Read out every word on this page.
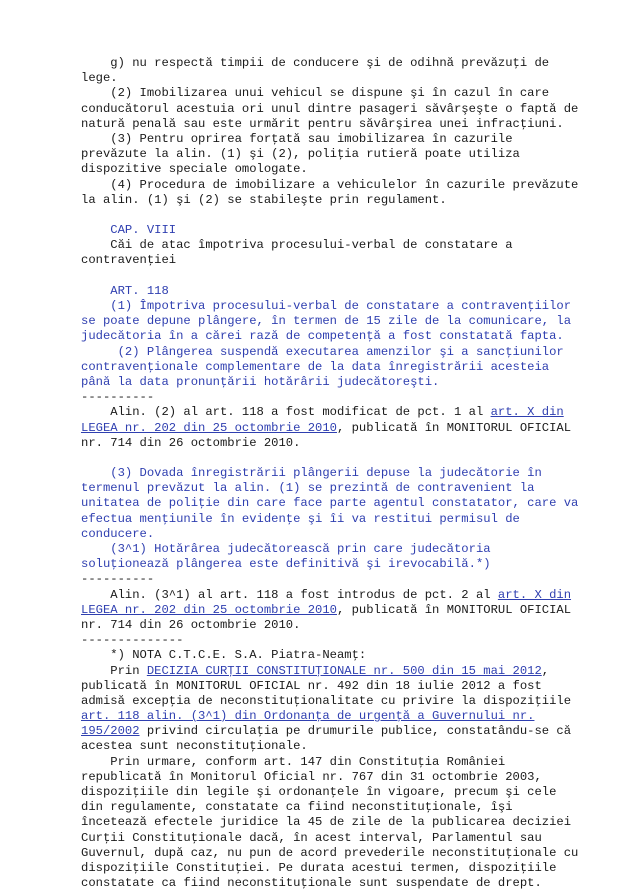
g) nu respectă timpii de conducere şi de odihnă prevăzuţi de
lege.
(2) Imobilizarea unui vehicul se dispune şi în cazul în care
conducătorul acestuia ori unul dintre pasageri săvârşeşte o faptă de
natură penală sau este urmărit pentru săvârşirea unei infracţiuni.
(3) Pentru oprirea forţată sau imobilizarea în cazurile
prevăzute la alin. (1) şi (2), poliţia rutieră poate utiliza
dispozitive speciale omologate.
(4) Procedura de imobilizare a vehiculelor în cazurile prevăzute
la alin. (1) şi (2) se stabileşte prin regulament.
CAP. VIII
Căi de atac împotriva procesului-verbal de constatare a
contravenţiei
ART. 118
(1) Împotriva procesului-verbal de constatare a contravenţiilor
se poate depune plângere, în termen de 15 zile de la comunicare, la
judecătoria în a cărei rază de competenţă a fost constatată fapta.
(2) Plângerea suspendă executarea amenzilor şi a sancţiunilor
contravenţionale complementare de la data înregistrării acesteia
până la data pronunţării hotărârii judecătoreşti.
----------
Alin. (2) al art. 118 a fost modificat de pct. 1 al art. X din
LEGEA nr. 202 din 25 octombrie 2010, publicată în MONITORUL OFICIAL
nr. 714 din 26 octombrie 2010.
(3) Dovada înregistrării plângerii depuse la judecătorie în
termenul prevăzut la alin. (1) se prezintă de contravenient la
unitatea de poliţie din care face parte agentul constatator, care va
efectua menţiunile în evidenţe şi îi va restitui permisul de
conducere.
(3^1) Hotărârea judecătorească prin care judecătoria
soluţionează plângerea este definitivă şi irevocabilă.*)
----------
Alin. (3^1) al art. 118 a fost introdus de pct. 2 al art. X din
LEGEA nr. 202 din 25 octombrie 2010, publicată în MONITORUL OFICIAL
nr. 714 din 26 octombrie 2010.
--------------
*) NOTA C.T.C.E. S.A. Piatra-Neamţ:
Prin DECIZIA CURŢII CONSTITUŢIONALE nr. 500 din 15 mai 2012,
publicată în MONITORUL OFICIAL nr. 492 din 18 iulie 2012 a fost
admisă excepţia de neconstituţionalitate cu privire la dispoziţiile
art. 118 alin. (3^1) din Ordonanţa de urgenţă a Guvernului nr.
195/2002 privind circulaţia pe drumurile publice, constatându-se că
acestea sunt neconstituţionale.
Prin urmare, conform art. 147 din Constituţia României
republicată în Monitorul Oficial nr. 767 din 31 octombrie 2003,
dispoziţiile din legile şi ordonanţele în vigoare, precum şi cele
din regulamente, constatate ca fiind neconstituţionale, îşi
încetează efectele juridice la 45 de zile de la publicarea deciziei
Curţii Constituţionale dacă, în acest interval, Parlamentul sau
Guvernul, după caz, nu pun de acord prevederile neconstituţionale cu
dispoziţiile Constituţiei. Pe durata acestui termen, dispoziţiile
constatate ca fiind neconstituţionale sunt suspendate de drept.
